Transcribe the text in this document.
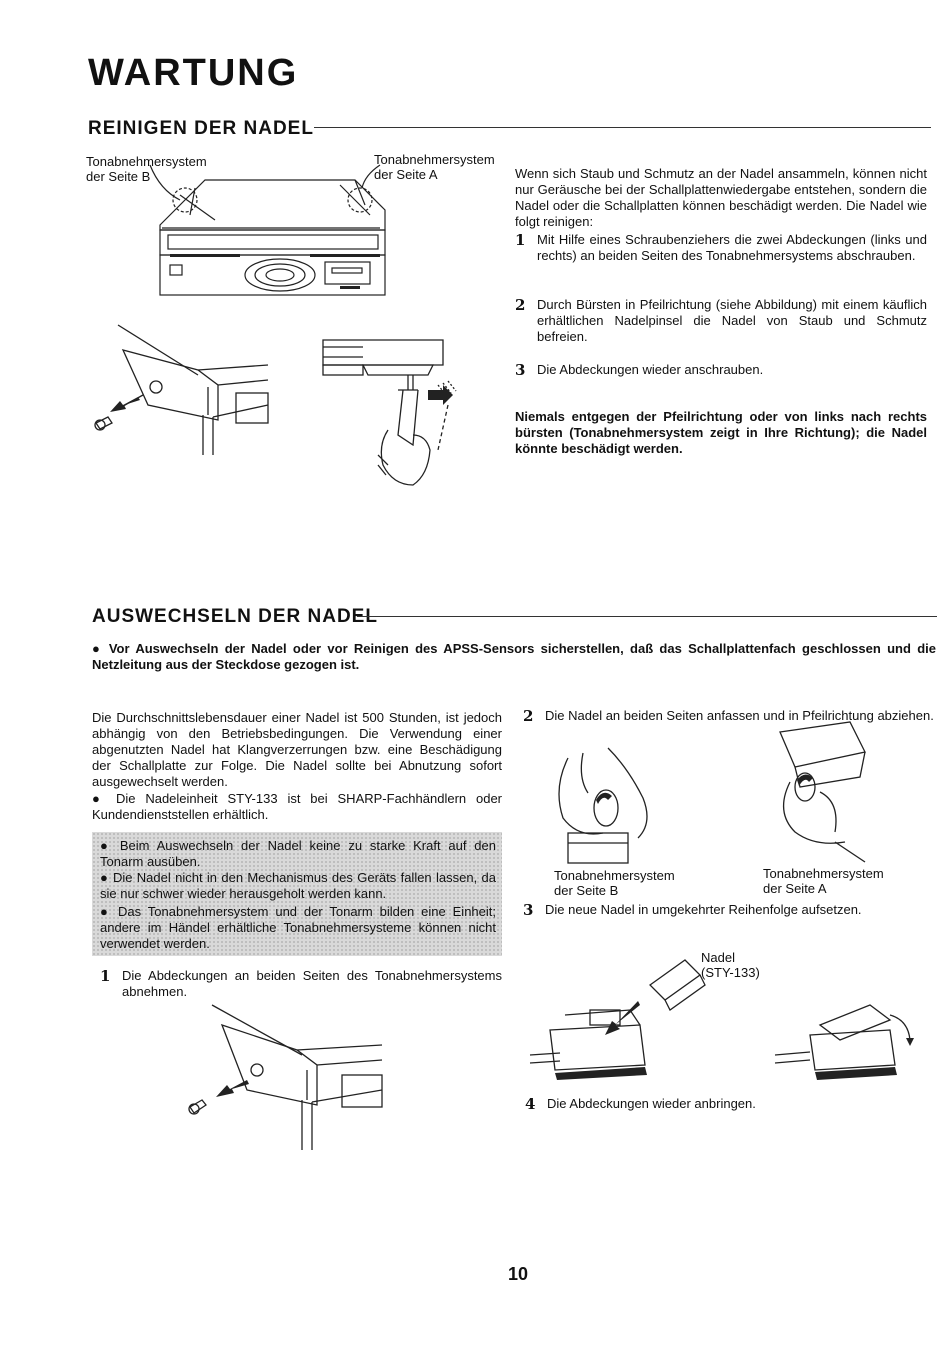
WARTUNG
REINIGEN DER NADEL
Tonabnehmersystem
der Seite B
Tonabnehmersystem
der Seite A	Wenn sich Staub und Schmutz an der Nadel ansammeln, können nicht nur Geräusche bei der Schallplattenwiedergabe entstehen, sondern die Nadel oder die Schallplatten können beschädigt werden. Die Nadel wie folgt reinigen:
1 Mit Hilfe eines Schraubenziehers die zwei Abdeckungen (links und rechts) an beiden Seiten des Tonabnehmersystems abschrauben.
2 Durch Bürsten in Pfeilrichtung (siehe Abbildung) mit einem käuflich erhältlichen Nadelpinsel die Nadel von Staub und Schmutz befreien.
3 Die Abdeckungen wieder anschrauben.
Niemals entgegen der Pfeilrichtung oder von links nach rechts bürsten (Tonabnehmersystem zeigt in Ihre Richtung); die Nadel könnte beschädigt werden.
AUSWECHSELN DER NADEL
● Vor Auswechseln der Nadel oder vor Reinigen des APSS-Sensors sicherstellen, daß das Schallplattenfach geschlossen und die Netzleitung aus der Steckdose gezogen ist.
Die Durchschnittslebensdauer einer Nadel ist 500 Stunden, ist jedoch abhängig von den Betriebsbedingungen. Die Verwendung einer abgenutzten Nadel hat Klangverzerrungen bzw. eine Beschädigung der Schallplatte zur Folge. Die Nadel sollte bei Abnutzung sofort ausgewechselt werden.
● Die Nadeleinheit STY-133 ist bei SHARP-Fachhändlern oder Kundendienststellen erhältlich.
● Beim Auswechseln der Nadel keine zu starke Kraft auf den Tonarm ausüben.
● Die Nadel nicht in den Mechanismus des Geräts fallen lassen, da sie nur schwer wieder herausgeholt werden kann.
● Das Tonabnehmersystem und der Tonarm bilden eine Einheit; andere im Händel erhältliche Tonabnehmersysteme können nicht verwendet werden.
1 Die Abdeckungen an beiden Seiten des Tonabnehmersystems abnehmen.
2 Die Nadel an beiden Seiten anfassen und in Pfeilrichtung abziehen.
Tonabnehmersystem
der Seite B
Tonabnehmersystem
der Seite A
3 Die neue Nadel in umgekehrter Reihenfolge aufsetzen.
Nadel
(STY-133)
4 Die Abdeckungen wieder anbringen.
10
